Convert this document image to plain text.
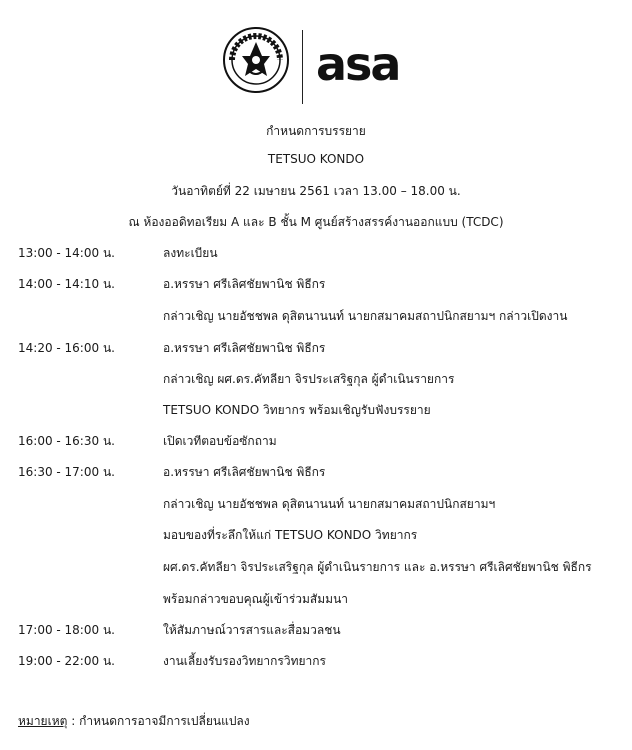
asa
กำหนดการบรรยาย
TETSUO KONDO
วันอาทิตย์ที่ 22 เมษายน 2561 เวลา 13.00 – 18.00 น.
ณ ห้องออดิทอเรียม A และ B ชั้น M ศูนย์สร้างสรรค์งานออกแบบ (TCDC)
13:00 - 14:00 น.	ลงทะเบียน
14:00 - 14:10 น.	อ.หรรษา ศรีเลิศชัยพานิช พิธีกร
กล่าวเชิญ นายอัชชพล ดุสิตนานนท์ นายกสมาคมสถาปนิกสยามฯ กล่าวเปิดงาน
14:20 - 16:00 น.	อ.หรรษา ศรีเลิศชัยพานิช พิธีกร
กล่าวเชิญ ผศ.ดร.คัทลียา จิรประเสริฐกุล ผู้ดำเนินรายการ
TETSUO KONDO วิทยากร พร้อมเชิญรับฟังบรรยาย
16:00 - 16:30 น.	เปิดเวทีตอบข้อซักถาม
16:30 - 17:00 น.	อ.หรรษา ศรีเลิศชัยพานิช พิธีกร
กล่าวเชิญ นายอัชชพล ดุสิตนานนท์ นายกสมาคมสถาปนิกสยามฯ
มอบของที่ระลึกให้แก่ TETSUO KONDO วิทยากร
ผศ.ดร.คัทลียา จิรประเสริฐกุล ผู้ดำเนินรายการ และ อ.หรรษา ศรีเลิศชัยพานิช พิธีกร
พร้อมกล่าวขอบคุณผู้เข้าร่วมสัมมนา
17:00 - 18:00 น.	ให้สัมภาษณ์วารสารและสื่อมวลชน
19:00 - 22:00 น.	งานเลี้ยงรับรองวิทยากรวิทยากร
หมายเหตุ : กำหนดการอาจมีการเปลี่ยนแปลง
